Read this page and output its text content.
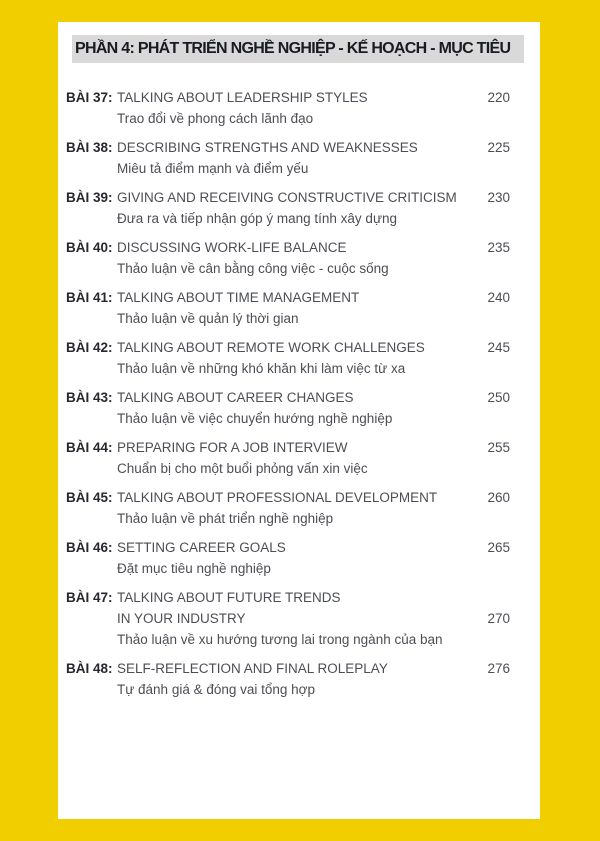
PHẦN 4: PHÁT TRIỂN NGHỀ NGHIỆP - KẾ HOẠCH - MỤC TIÊU
BÀI 37: TALKING ABOUT LEADERSHIP STYLES	220
Trao đổi về phong cách lãnh đạo
BÀI 38: DESCRIBING STRENGTHS AND WEAKNESSES	225
Miêu tả điểm mạnh và điểm yếu
BÀI 39: GIVING AND RECEIVING CONSTRUCTIVE CRITICISM	230
Đưa ra và tiếp nhận góp ý mang tính xây dựng
BÀI 40: DISCUSSING WORK-LIFE BALANCE	235
Thảo luận về cân bằng công việc - cuộc sống
BÀI 41: TALKING ABOUT TIME MANAGEMENT	240
Thảo luận về quản lý thời gian
BÀI 42: TALKING ABOUT REMOTE WORK CHALLENGES	245
Thảo luận về những khó khăn khi làm việc từ xa
BÀI 43: TALKING ABOUT CAREER CHANGES	250
Thảo luận về việc chuyển hướng nghề nghiệp
BÀI 44: PREPARING FOR A JOB INTERVIEW	255
Chuẩn bị cho một buổi phỏng vấn xin việc
BÀI 45: TALKING ABOUT PROFESSIONAL DEVELOPMENT	260
Thảo luận về phát triển nghề nghiệp
BÀI 46: SETTING CAREER GOALS	265
Đặt mục tiêu nghề nghiệp
BÀI 47: TALKING ABOUT FUTURE TRENDS
IN YOUR INDUSTRY	270
Thảo luận về xu hướng tương lai trong ngành của bạn
BÀI 48: SELF-REFLECTION AND FINAL ROLEPLAY	276
Tự đánh giá & đóng vai tổng hợp
